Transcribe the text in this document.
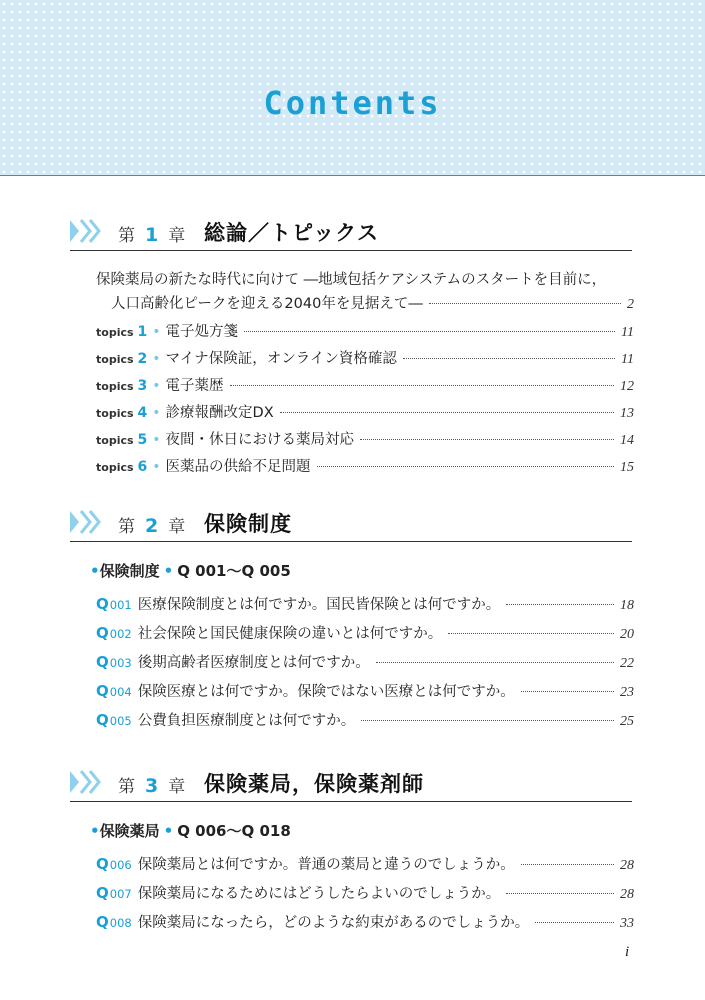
Contents
第 1 章 総論／トピックス
保険薬局の新たな時代に向けて ―地域包括ケアシステムのスタートを目前に，
人口高齢化ピークを迎える2040年を見据えて―	2
topics 1 • 電子処方箋	11
topics 2 • マイナ保険証，オンライン資格確認	11
topics 3 • 電子薬歴	12
topics 4 • 診療報酬改定DX	13
topics 5 • 夜間・休日における薬局対応	14
topics 6 • 医薬品の供給不足問題	15
第 2 章 保険制度
•保険制度 • Q 001～Q 005
Q 001 医療保険制度とは何ですか。国民皆保険とは何ですか。	18
Q 002 社会保険と国民健康保険の違いとは何ですか。	20
Q 003 後期高齢者医療制度とは何ですか。	22
Q 004 保険医療とは何ですか。保険ではない医療とは何ですか。	23
Q 005 公費負担医療制度とは何ですか。	25
第 3 章 保険薬局，保険薬剤師
•保険薬局 • Q 006～Q 018
Q 006 保険薬局とは何ですか。普通の薬局と違うのでしょうか。	28
Q 007 保険薬局になるためにはどうしたらよいのでしょうか。	28
Q 008 保険薬局になったら，どのような約束があるのでしょうか。	33
i
